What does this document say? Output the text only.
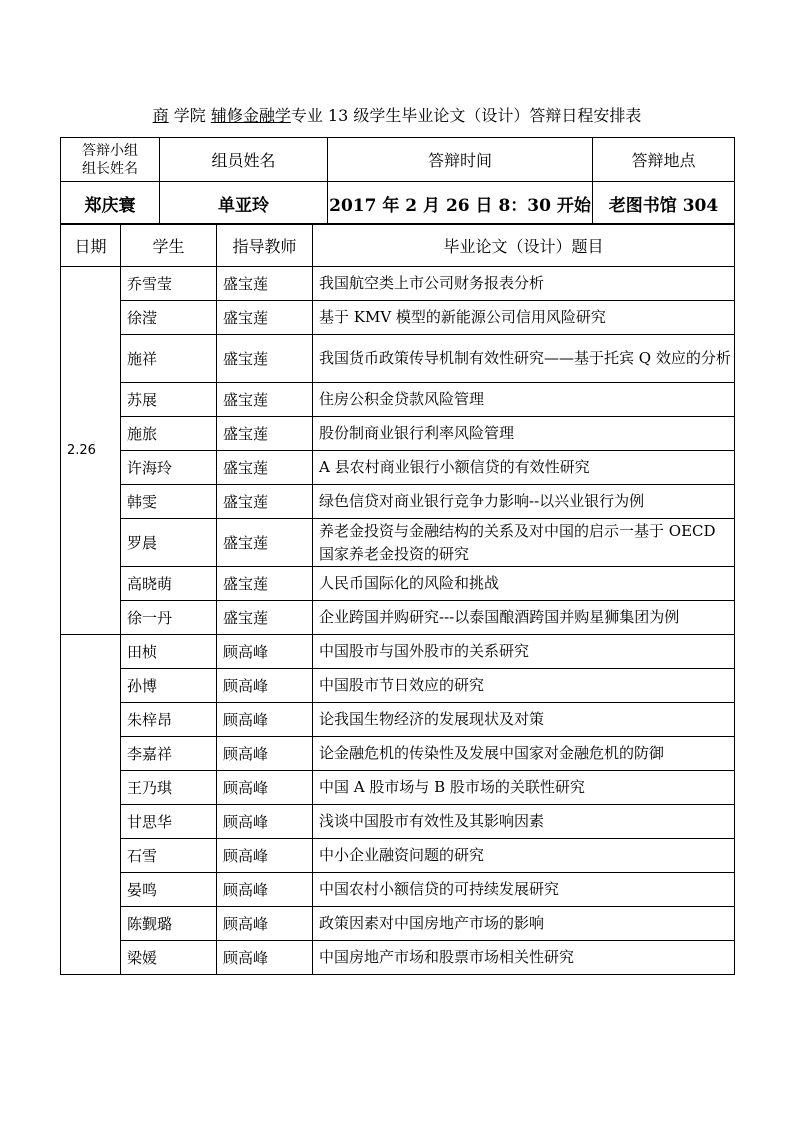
商 学院 辅修金融学专业 13 级学生毕业论文（设计）答辩日程安排表
答辩小组
组长姓名	组员姓名	答辩时间	答辩地点
郑庆寰	单亚玲	2017 年 2 月 26 日 8：30 开始	老图书馆 304
日期	学生	指导教师	毕业论文（设计）题目
2.26	乔雪莹	盛宝莲	我国航空类上市公司财务报表分析
	徐滢	盛宝莲	基于 KMV 模型的新能源公司信用风险研究
	施祥	盛宝莲	我国货币政策传导机制有效性研究——基于托宾 Q 效应的分析
	苏展	盛宝莲	住房公积金贷款风险管理
	施旅	盛宝莲	股份制商业银行利率风险管理
	许海玲	盛宝莲	A 县农村商业银行小额信贷的有效性研究
	韩雯	盛宝莲	绿色信贷对商业银行竞争力影响--以兴业银行为例
	罗晨	盛宝莲	养老金投资与金融结构的关系及对中国的启示一基于 OECD 国家养老金投资的研究
	高晓萌	盛宝莲	人民币国际化的风险和挑战
	徐一丹	盛宝莲	企业跨国并购研究---以泰国酿酒跨国并购星狮集团为例
	田桢	顾高峰	中国股市与国外股市的关系研究
	孙博	顾高峰	中国股市节日效应的研究
	朱梓昂	顾高峰	论我国生物经济的发展现状及对策
	李嘉祥	顾高峰	论金融危机的传染性及发展中国家对金融危机的防御
	王乃琪	顾高峰	中国 A 股市场与 B 股市场的关联性研究
	甘思华	顾高峰	浅谈中国股市有效性及其影响因素
	石雪	顾高峰	中小企业融资问题的研究
	晏鸣	顾高峰	中国农村小额信贷的可持续发展研究
	陈觐璐	顾高峰	政策因素对中国房地产市场的影响
	梁媛	顾高峰	中国房地产市场和股票市场相关性研究
